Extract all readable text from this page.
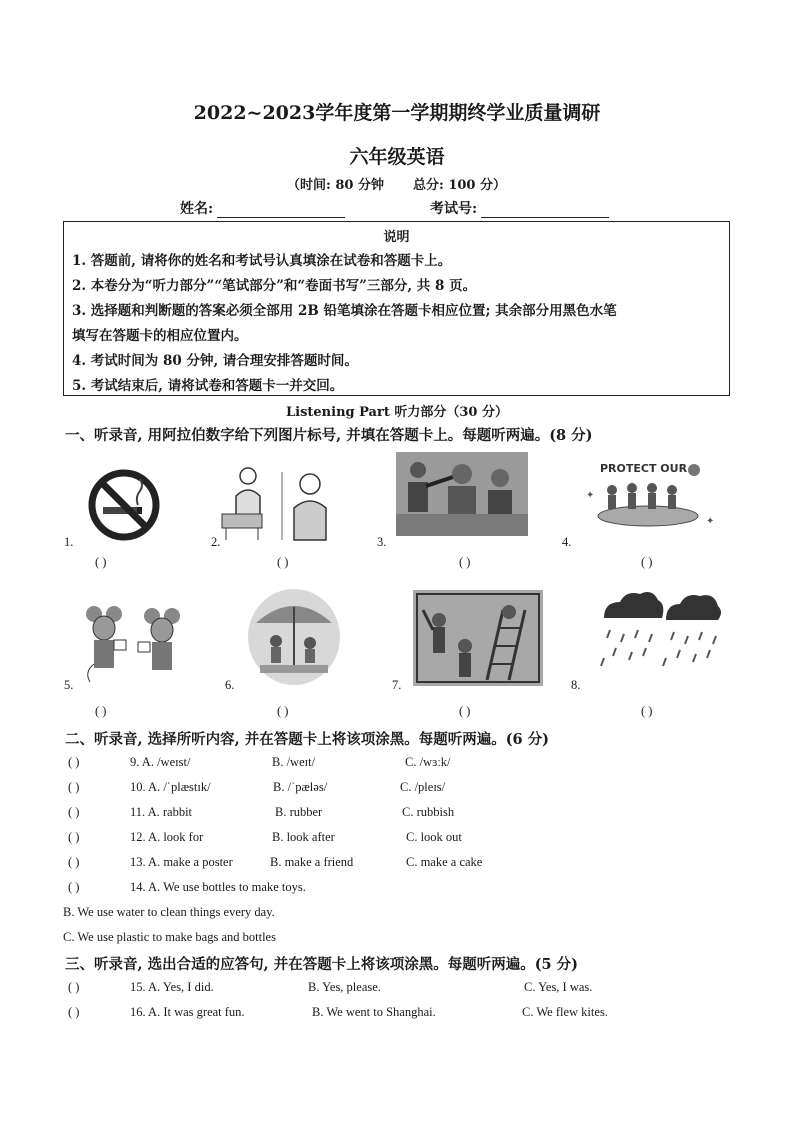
2022~2023学年度第一学期期终学业质量调研
六年级英语
（时间: 80 分钟 总分: 100 分）
姓名:	考试号:
说明
1. 答题前, 请将你的姓名和考试号认真填涂在试卷和答题卡上。
2. 本卷分为“听力部分”“笔试部分”和“卷面书写”三部分, 共 8 页。
3. 选择题和判断题的答案必须全部用 2B 铅笔填涂在答题卡相应位置; 其余部分用黑色水笔
填写在答题卡的相应位置内。
4. 考试时间为 80 分钟, 请合理安排答题时间。
5. 考试结束后, 请将试卷和答题卡一并交回。
Listening Part 听力部分（30 分）
一、听录音, 用阿拉伯数字给下列图片标号, 并填在答题卡上。每题听两遍。(8 分)
PROTECT OUR
✦
✦
1.	2.	3.	4.
( )	( )	( )	( )
5.	6.	7.	8.
( )	( )	( )	( )
二、听录音, 选择所听内容, 并在答题卡上将该项涂黑。每题听两遍。(6 分)
( )	9. A. /weɪst/	B. /weɪt/	C. /wɜːk/
( )	10. A. /ˈplæstɪk/	B. /ˈpæləs/	C. /pleɪs/
( )	11. A. rabbit	B. rubber	C. rubbish
( )	12. A. look for	B. look after	C. look out
( )	13. A. make a poster	B. make a friend	C. make a cake
( )	14. A. We use bottles to make toys.
B. We use water to clean things every day.
C. We use plastic to make bags and bottles
三、听录音, 选出合适的应答句, 并在答题卡上将该项涂黑。每题听两遍。(5 分)
( )	15. A. Yes, I did.	B. Yes, please.	C. Yes, I was.
( )	16. A. It was great fun.	B. We went to Shanghai.	C. We flew kites.
